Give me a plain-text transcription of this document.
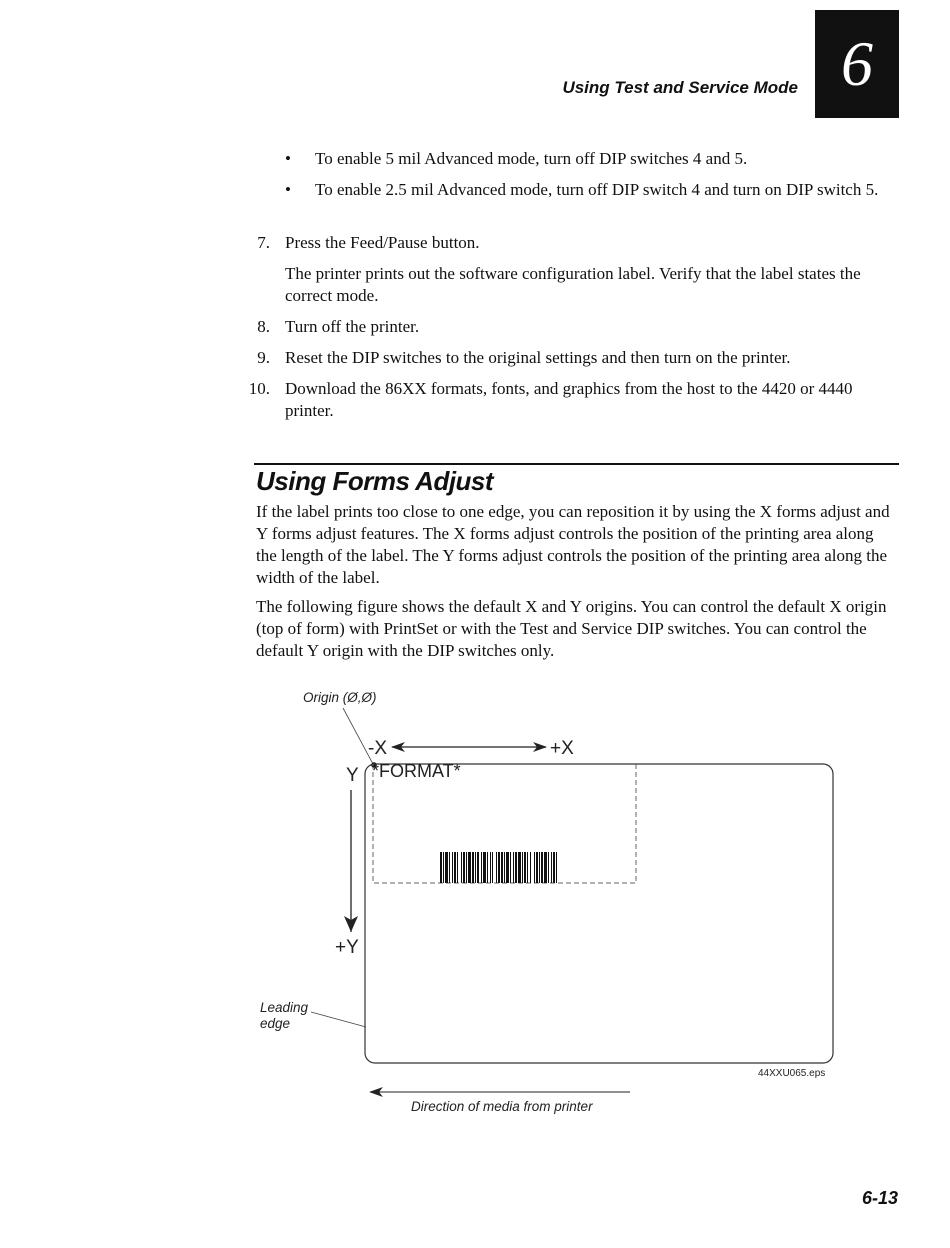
Using Test and Service Mode 6
• To enable 5 mil Advanced mode, turn off DIP switches 4 and 5.
• To enable 2.5 mil Advanced mode, turn off DIP switch 4 and turn on DIP switch 5.
7. Press the Feed/Pause button.
The printer prints out the software configuration label. Verify that the label states the correct mode.
8. Turn off the printer.
9. Reset the DIP switches to the original settings and then turn on the printer.
10. Download the 86XX formats, fonts, and graphics from the host to the 4420 or 4440 printer.
Using Forms Adjust
If the label prints too close to one edge, you can reposition it by using the X forms adjust and Y forms adjust features. The X forms adjust controls the position of the printing area along the length of the label. The Y forms adjust controls the position of the printing area along the width of the label.
The following figure shows the default X and Y origins. You can control the default X origin (top of form) with PrintSet or with the Test and Service DIP switches. You can control the default Y origin with the DIP switches only.
Origin (Ø,Ø)
-X	+X
Y *FORMAT*
+Y
Leading
edge
44XXU065.eps
Direction of media from printer
6-13
